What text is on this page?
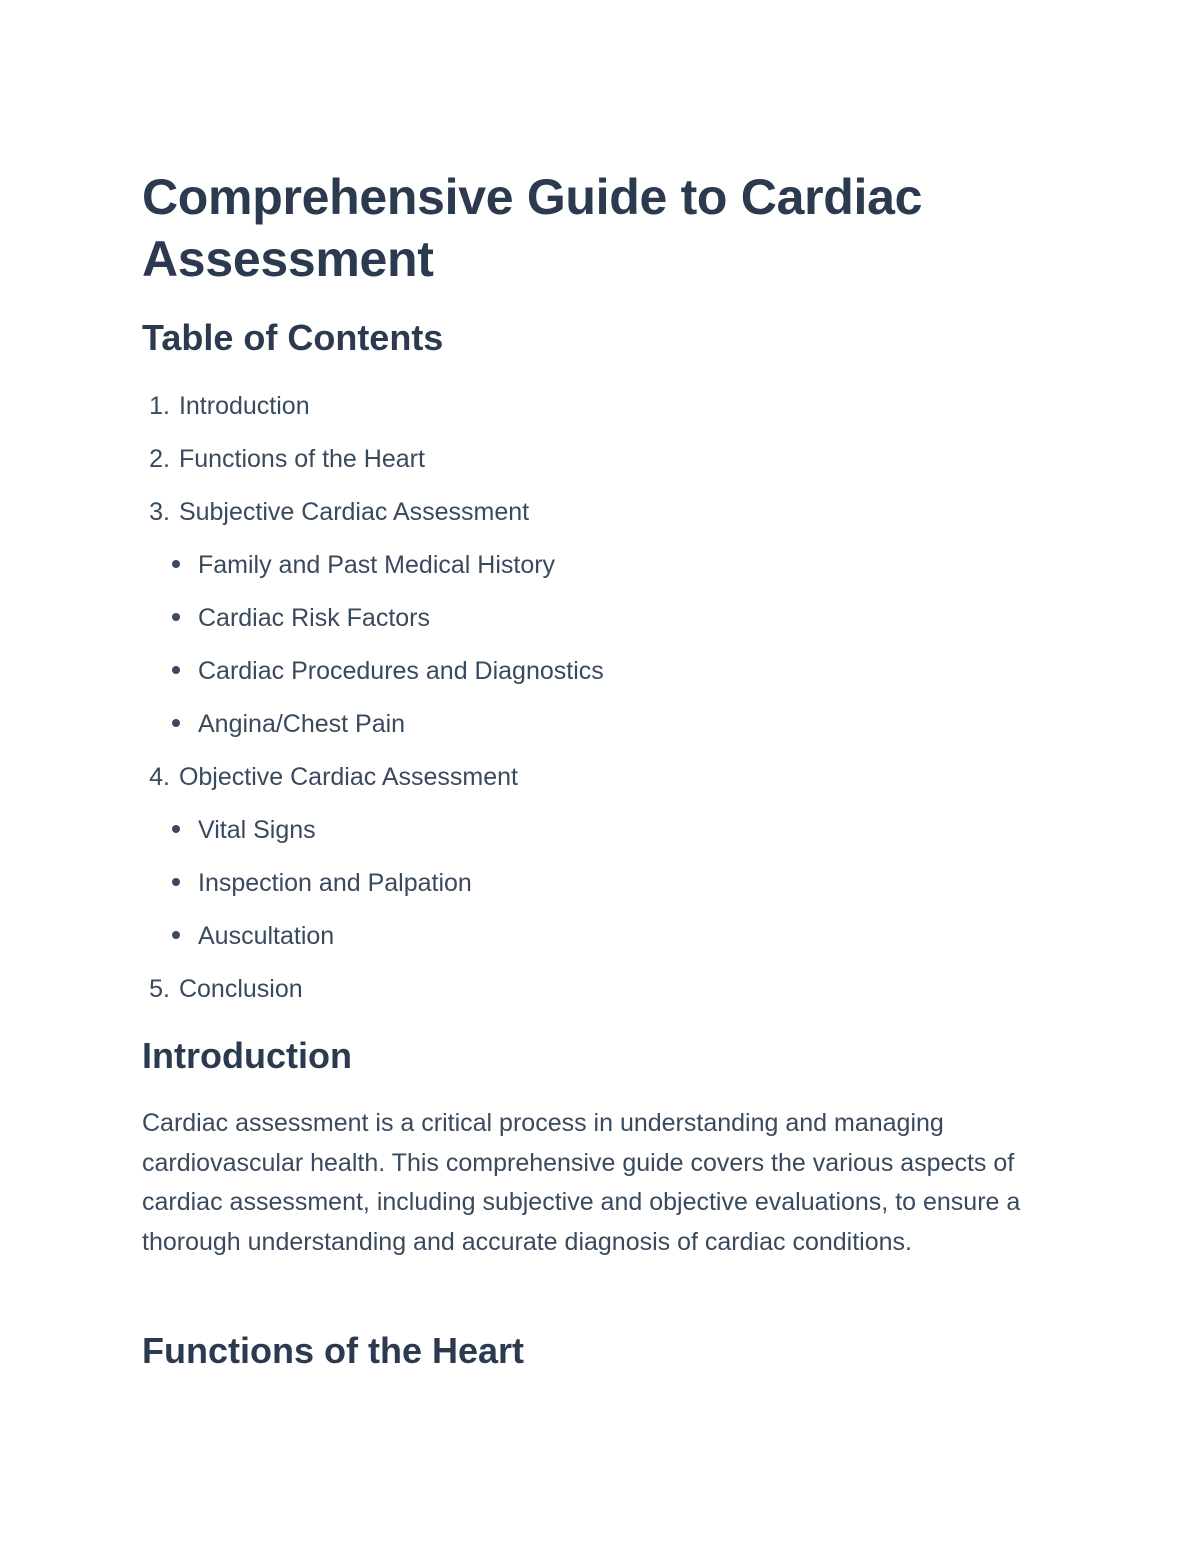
Comprehensive Guide to Cardiac Assessment
Table of Contents
1. Introduction
2. Functions of the Heart
3. Subjective Cardiac Assessment
Family and Past Medical History
Cardiac Risk Factors
Cardiac Procedures and Diagnostics
Angina/Chest Pain
4. Objective Cardiac Assessment
Vital Signs
Inspection and Palpation
Auscultation
5. Conclusion
Introduction

Cardiac assessment is a critical process in understanding and managing cardiovascular health. This comprehensive guide covers the various aspects of cardiac assessment, including subjective and objective evaluations, to ensure a thorough understanding and accurate diagnosis of cardiac conditions.

Functions of the Heart
